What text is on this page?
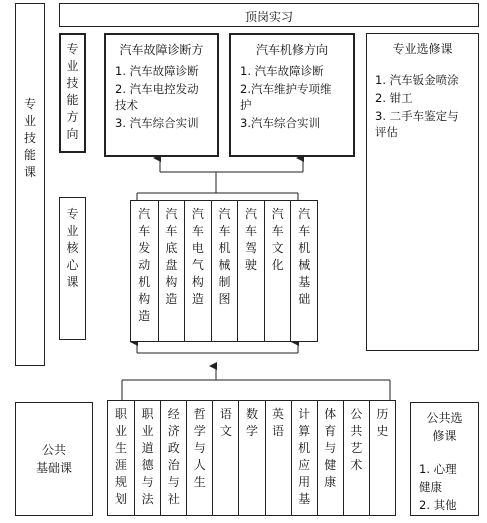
专业技能课
顶岗实习
专业技能方向
汽车故障诊断方
1. 汽车故障诊断
2. 汽车电控发动
技术
3. 汽车综合实训
汽车机修方向
1. 汽车故障诊断
2.汽车维护专项维
护
3.汽车综合实训
专业选修课
1. 汽车钣金喷涂
2. 钳工
3. 二手车鉴定与
评估
专业核心课
汽车发动机构造
汽车底盘构造
汽车电气构造
汽车机械制图
汽车驾驶
汽车文化
汽车机械基础
公共
基础课
职业生涯规划
职业道德与法
经济政治与社
哲学与人生
语文
数学
英语
计算机应用基
体育与健康
公共艺术
历史
公共选
修课
1. 心理
健康
2. 其他
